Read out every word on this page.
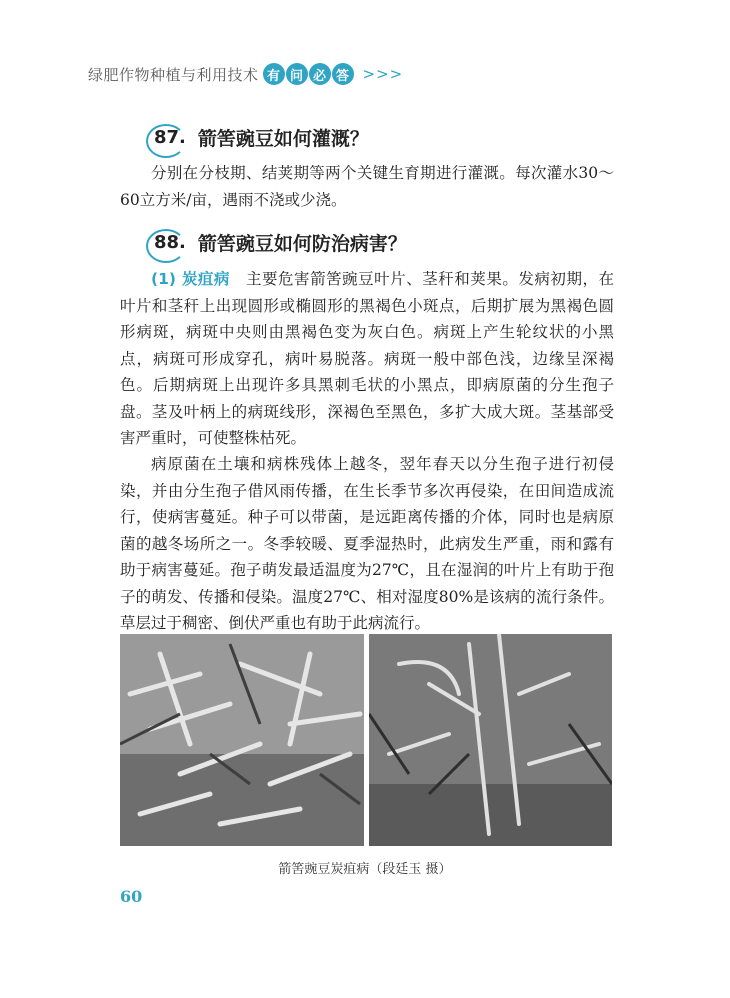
绿肥作物种植与利用技术 有 问 必 答 >>>
87. 箭筈豌豆如何灌溉？

分别在分枝期、结荚期等两个关键生育期进行灌溉。每次灌水30～60立方米/亩，遇雨不浇或少浇。

88. 箭筈豌豆如何防治病害？

(1) 炭疽病　主要危害箭筈豌豆叶片、茎秆和荚果。发病初期，在叶片和茎秆上出现圆形或椭圆形的黑褐色小斑点，后期扩展为黑褐色圆形病斑，病斑中央则由黑褐色变为灰白色。病斑上产生轮纹状的小黑点，病斑可形成穿孔，病叶易脱落。病斑一般中部色浅，边缘呈深褐色。后期病斑上出现许多具黑刺毛状的小黑点，即病原菌的分生孢子盘。茎及叶柄上的病斑线形，深褐色至黑色，多扩大成大斑。茎基部受害严重时，可使整株枯死。

病原菌在土壤和病株残体上越冬，翌年春天以分生孢子进行初侵染，并由分生孢子借风雨传播，在生长季节多次再侵染，在田间造成流行，使病害蔓延。种子可以带菌，是远距离传播的介体，同时也是病原菌的越冬场所之一。冬季较暖、夏季湿热时，此病发生严重，雨和露有助于病害蔓延。孢子萌发最适温度为27℃，且在湿润的叶片上有助于孢子的萌发、传播和侵染。温度27℃、相对湿度80%是该病的流行条件。草层过于稠密、倒伏严重也有助于此病流行。

箭筈豌豆炭疽病（段廷玉 摄）
60
